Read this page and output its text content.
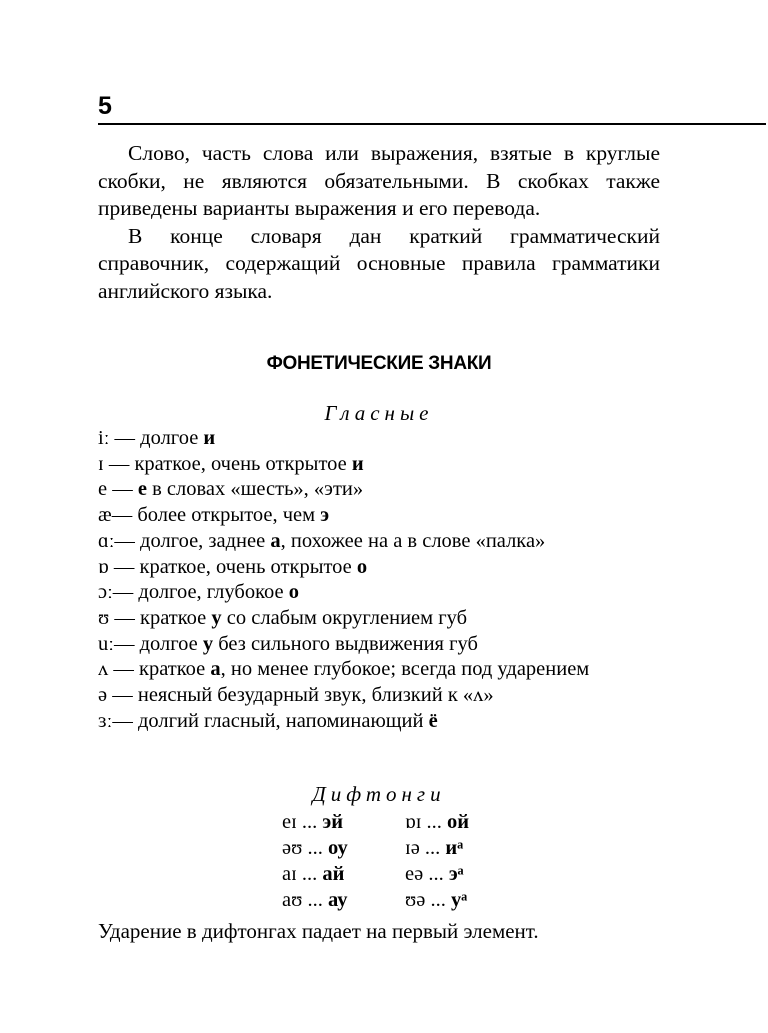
5

Слово, часть слова или выражения, взятые в круглые скобки, не являются обязательными. В скобках также приведены варианты выражения и его перевода.

В конце словаря дан краткий грамматический справочник, содержащий основные правила грамматики английского языка.

ФОНЕТИЧЕСКИЕ ЗНАКИ
Гласные
iː — долгое и
ɪ — краткое, очень открытое и
e — е в словах «шесть», «эти»
æ— более открытое, чем э
ɑː— долгое, заднее а, похожее на а в слове «палка»
ɒ — краткое, очень открытое о
ɔː— долгое, глубокое о
ʊ — краткое у со слабым округлением губ
uː— долгое у без сильного выдвижения губ
ʌ — краткое а, но менее глубокое; всегда под ударением
ə — неясный безударный звук, близкий к «ʌ»
ɜː— долгий гласный, напоминающий ё
Дифтонги
eɪ ... эй	ɒɪ ... ой
əʊ ... оу	ɪə ... иᵃ
aɪ ... ай	eə ... эᵃ
aʊ ... ау	ʊə ... уᵃ
Ударение в дифтонгах падает на первый элемент.
